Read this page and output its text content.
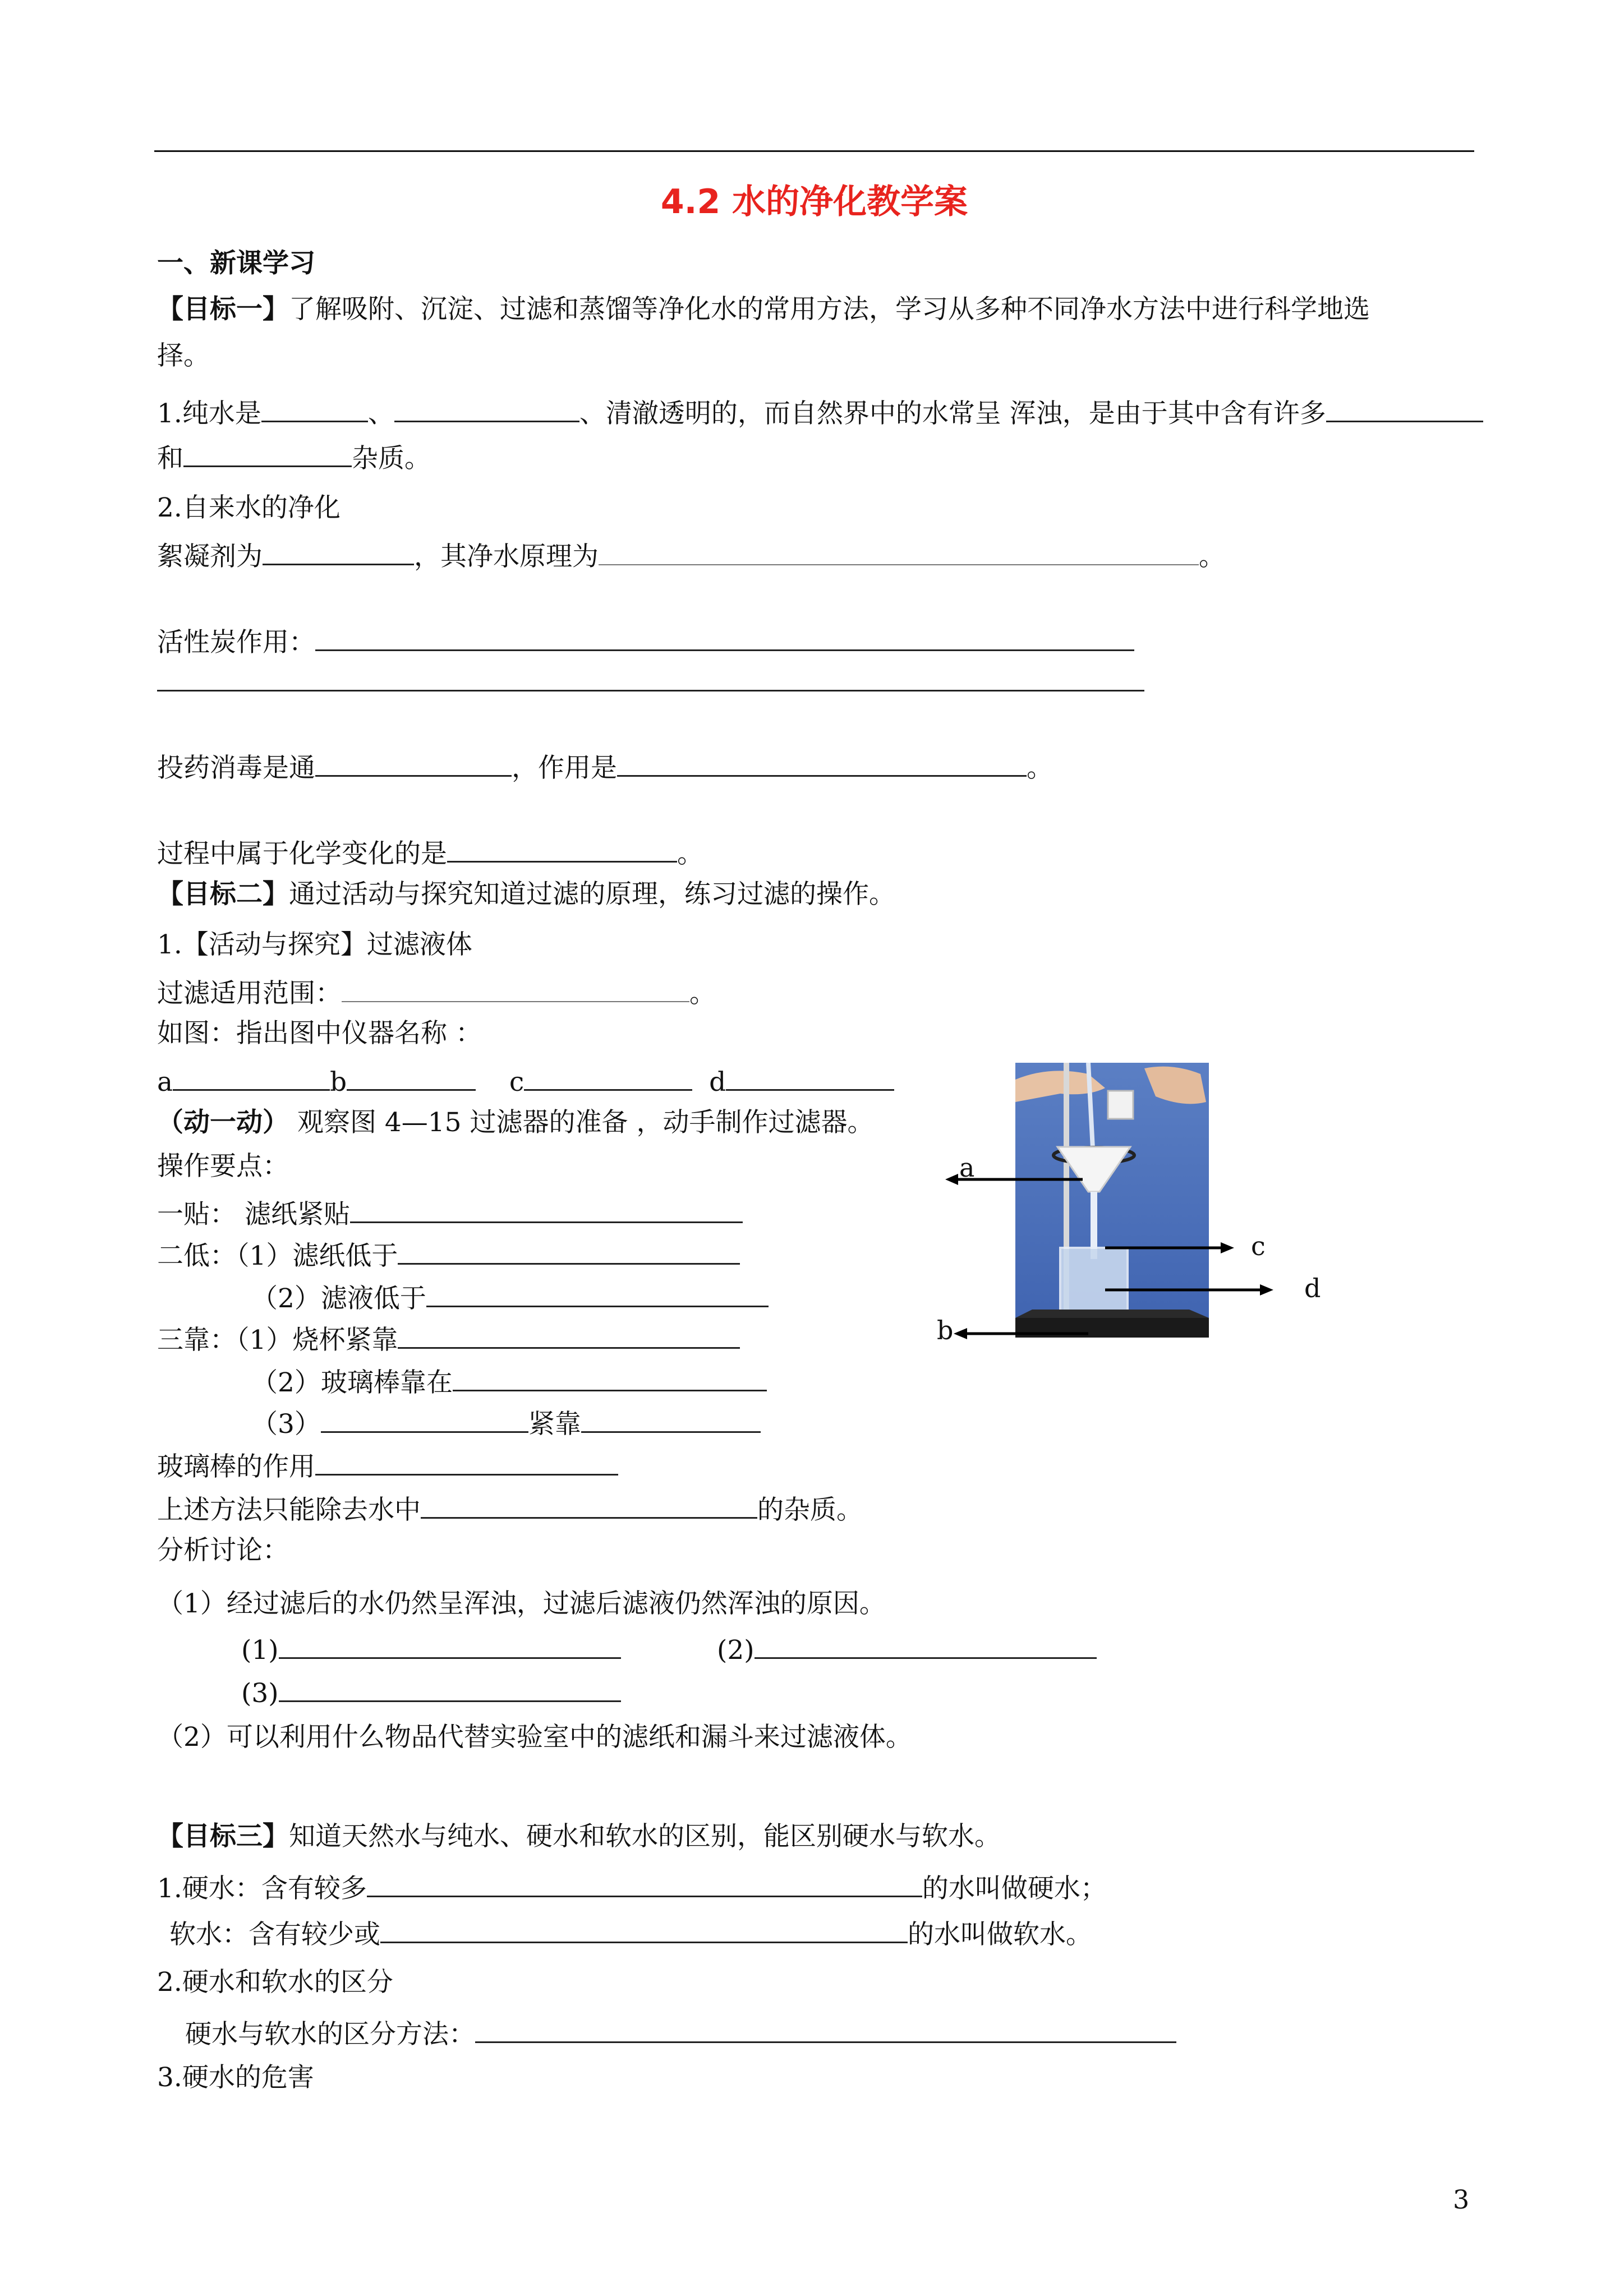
4.2 水的净化教学案
一、新课学习
【目标一】了解吸附、沉淀、过滤和蒸馏等净化水的常用方法，学习从多种不同净水方法中进行科学地选
择。
1.纯水是	、	、清澈透明的，而自然界中的水常呈 浑浊，是由于其中含有许多
和	杂质。
2.自来水的净化
絮凝剂为	，其净水原理为	。
活性炭作用：
投药消毒是通	，作用是	。
过程中属于化学变化的是	。
【目标二】通过活动与探究知道过滤的原理，练习过滤的操作。
1.【活动与探究】过滤液体
过滤适用范围：	。
如图：指出图中仪器名称 ：
a	b	c	d
（动一动） 观察图 4—15 过滤器的准备 ，动手制作过滤器。
操作要点：
一贴： 滤纸紧贴
二低：（1）滤纸低于
（2）滤液低于
三靠：（1）烧杯紧靠
（2）玻璃棒靠在
（3）	紧靠
玻璃棒的作用
上述方法只能除去水中	的杂质。
分析讨论：
（1）经过滤后的水仍然呈浑浊，过滤后滤液仍然浑浊的原因。
(1)	(2)
(3)
（2）可以利用什么物品代替实验室中的滤纸和漏斗来过滤液体。
【目标三】知道天然水与纯水、硬水和软水的区别，能区别硬水与软水。
1.硬水：含有较多	的水叫做硬水；
软水：含有较少或	的水叫做软水。
2.硬水和软水的区分
硬水与软水的区分方法：
3.硬水的危害
a
c
d
b
3
